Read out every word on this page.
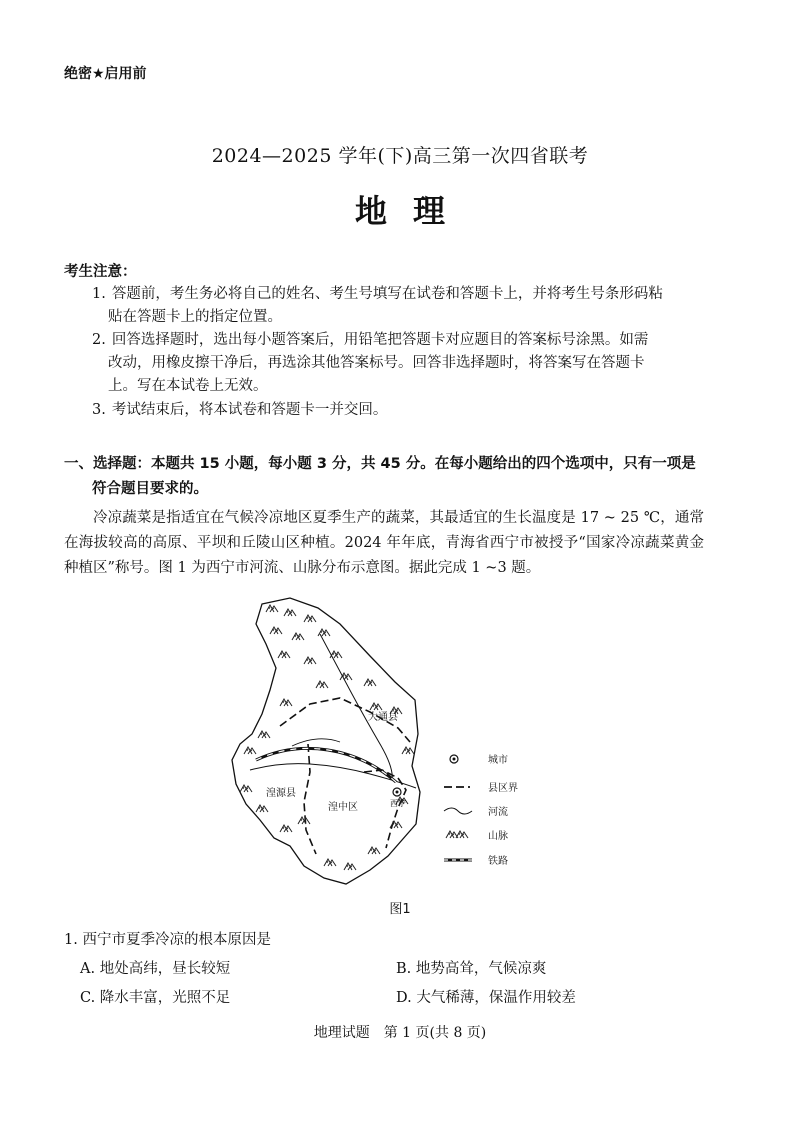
绝密★启用前
2024—2025 学年(下)高三第一次四省联考
地理
考生注意：
1. 答题前，考生务必将自己的姓名、考生号填写在试卷和答题卡上，并将考生号条形码粘
贴在答题卡上的指定位置。
2. 回答选择题时，选出每小题答案后，用铅笔把答题卡对应题目的答案标号涂黑。如需
改动，用橡皮擦干净后，再选涂其他答案标号。回答非选择题时，将答案写在答题卡
上。写在本试卷上无效。
3. 考试结束后，将本试卷和答题卡一并交回。
一、选择题：本题共 15 小题，每小题 3 分，共 45 分。在每小题给出的四个选项中，只有一项是
符合题目要求的。
冷凉蔬菜是指适宜在气候冷凉地区夏季生产的蔬菜，其最适宜的生长温度是 17 ~ 25 ℃，通常在海拔较高的高原、平坝和丘陵山区种植。2024 年年底，青海省西宁市被授予“国家冷凉蔬菜黄金种植区”称号。图 1 为西宁市河流、山脉分布示意图。据此完成 1 ~3 题。
大通县
湟中区
湟源县
西宁
城市
县区界
河流
山脉
铁路
图1
1. 西宁市夏季冷凉的根本原因是
A. 地处高纬，昼长较短	B. 地势高耸，气候凉爽
C. 降水丰富，光照不足	D. 大气稀薄，保温作用较差
地理试题　第 1 页(共 8 页)
